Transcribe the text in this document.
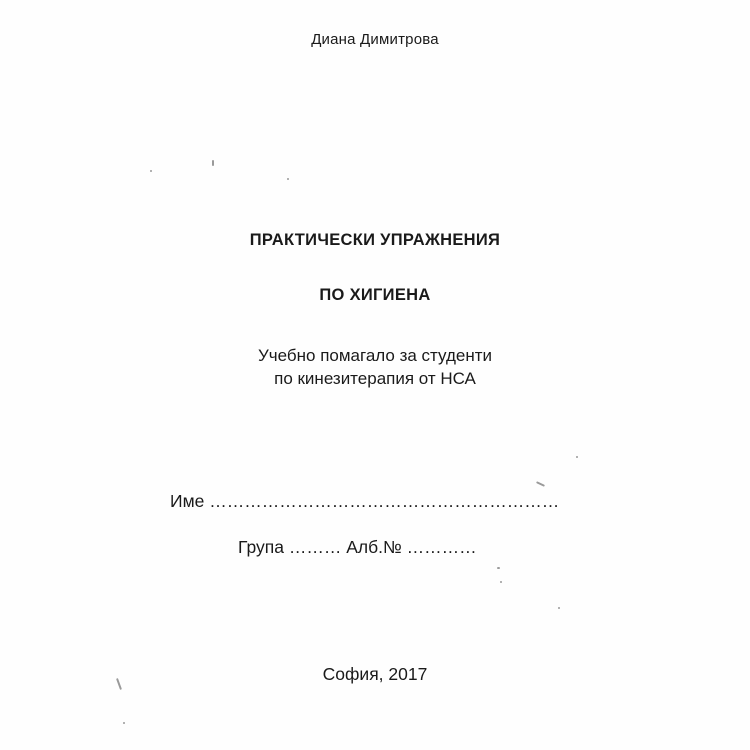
Диана Димитрова
ПРАКТИЧЕСКИ УПРАЖНЕНИЯ
ПО ХИГИЕНА
Учебно помагало за студенти
по кинезитерапия от НСА
Име ……………………………………………………
Група ……… Алб.№ …………
София, 2017
